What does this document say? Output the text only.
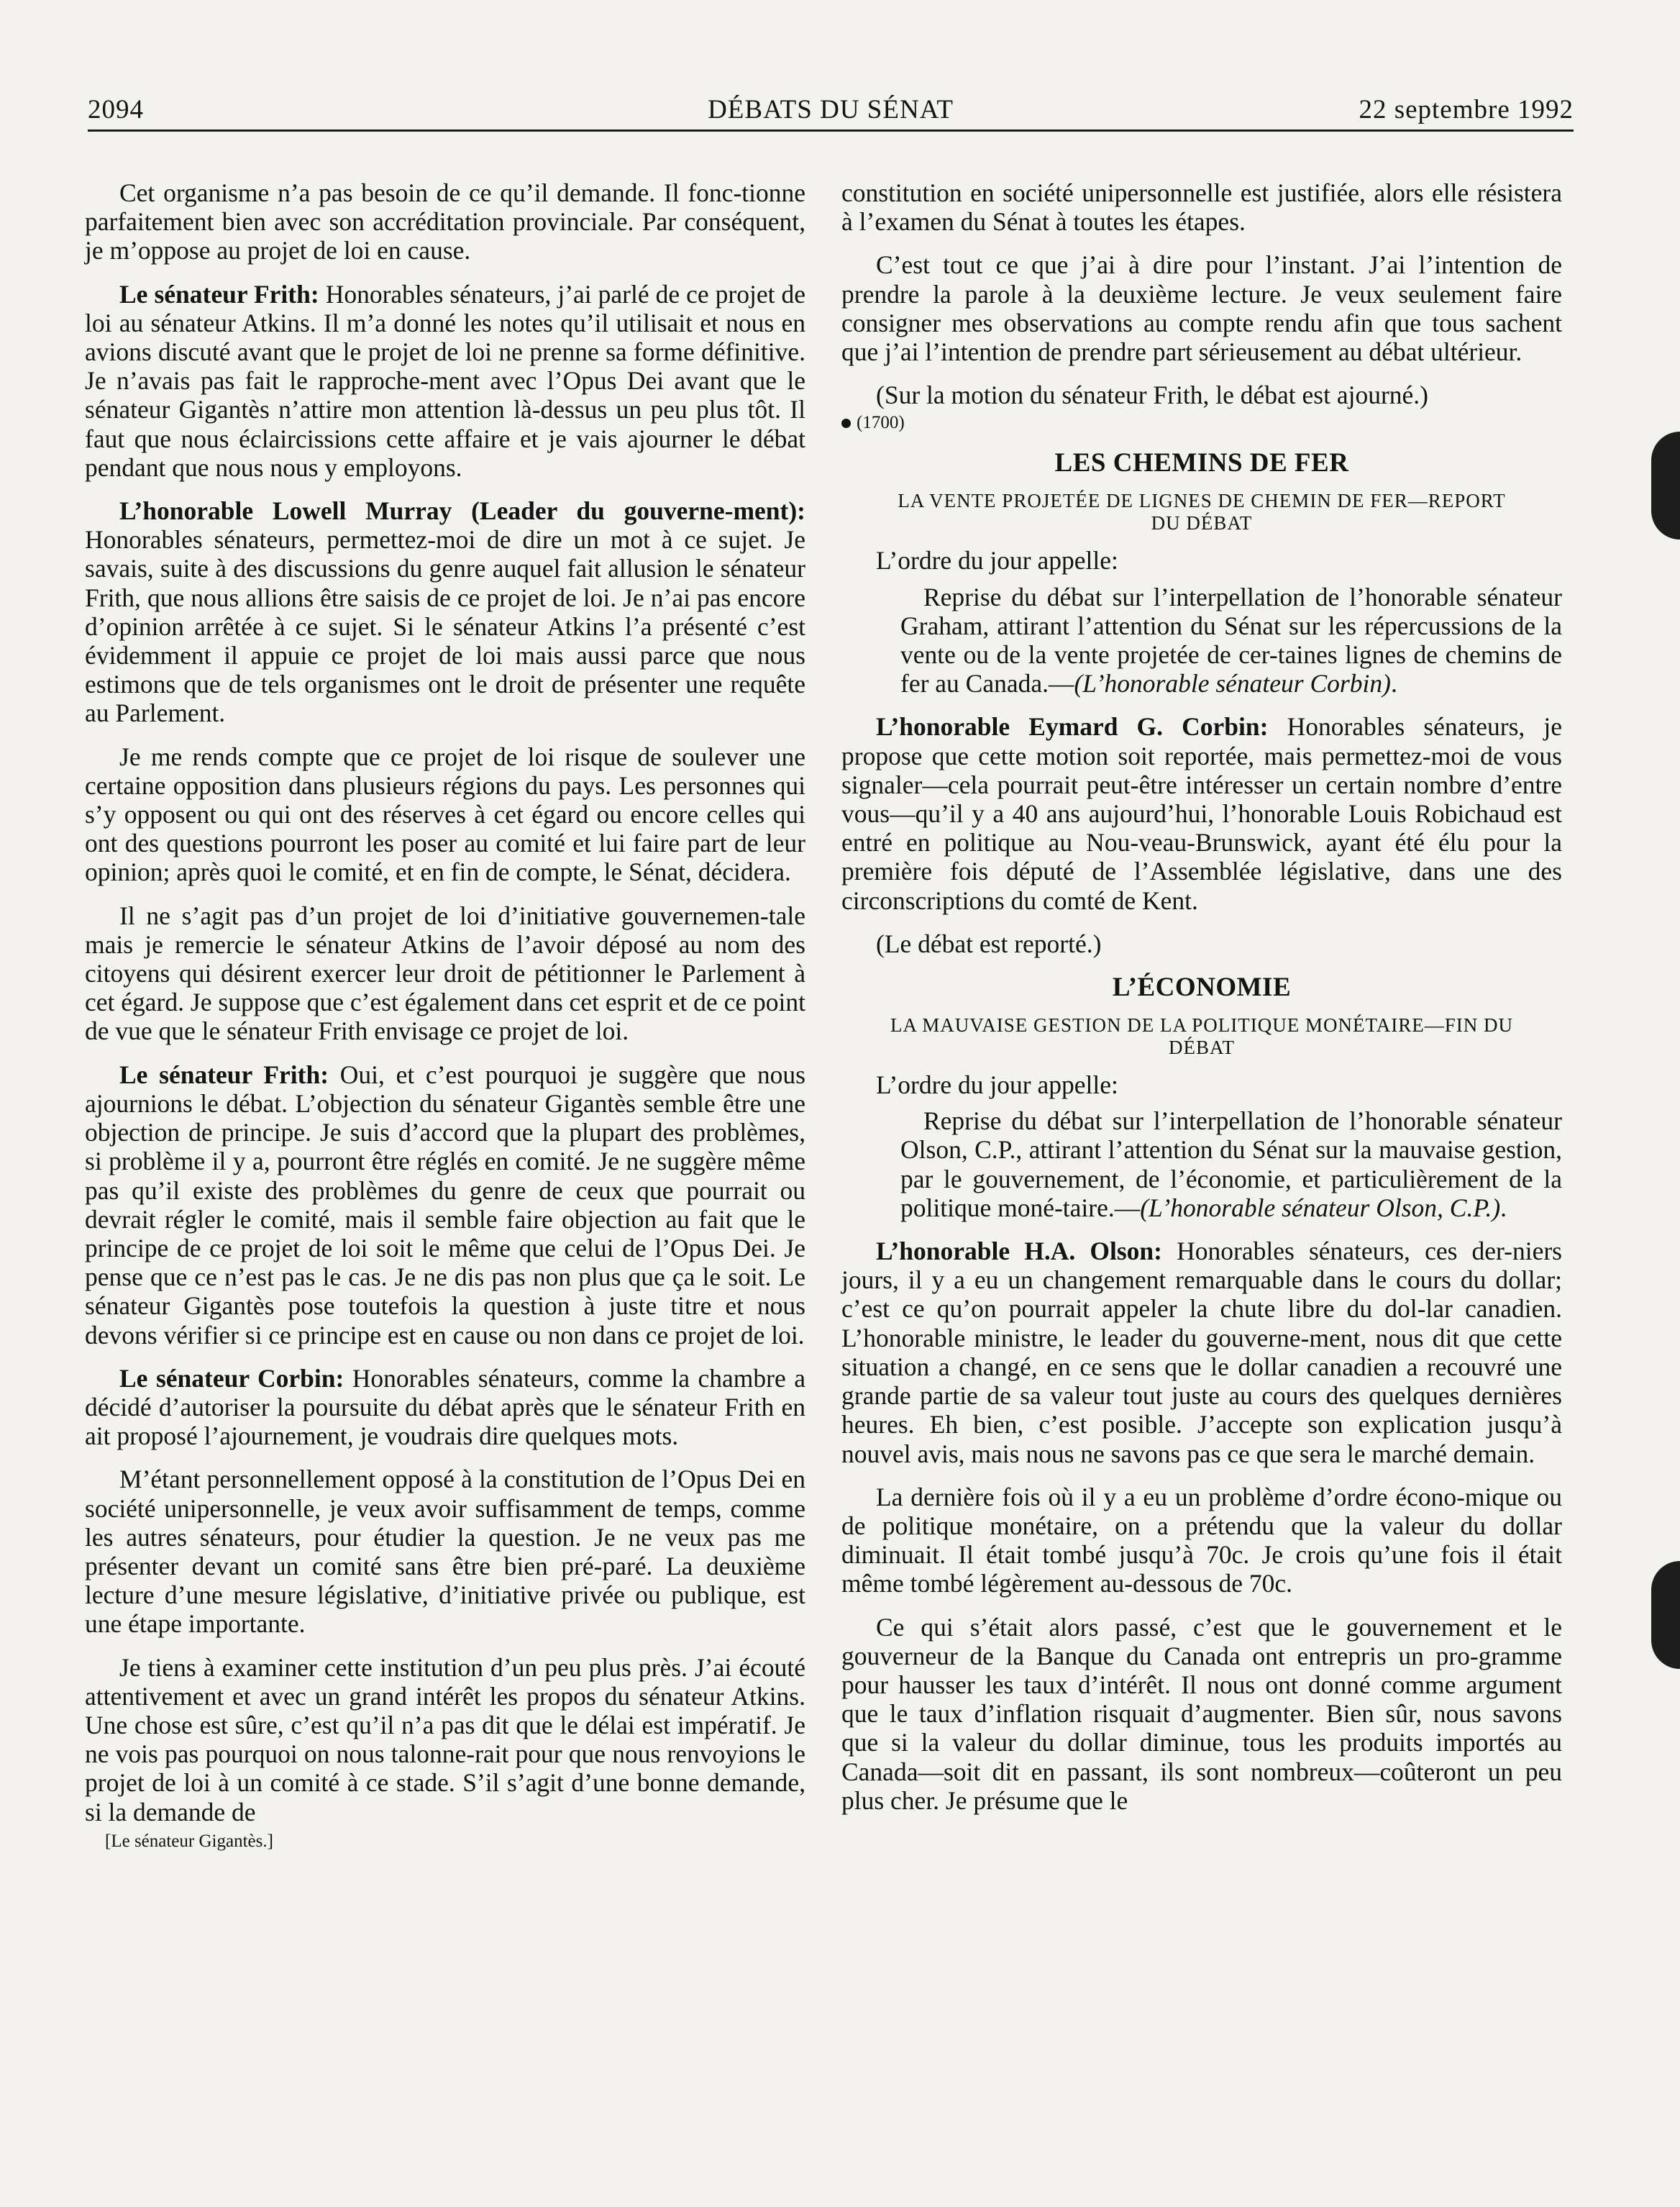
2094	DÉBATS DU SÉNAT	22 septembre 1992

Cet organisme n’a pas besoin de ce qu’il demande. Il fonc-tionne parfaitement bien avec son accréditation provinciale. Par conséquent, je m’oppose au projet de loi en cause.

Le sénateur Frith: Honorables sénateurs, j’ai parlé de ce projet de loi au sénateur Atkins. Il m’a donné les notes qu’il utilisait et nous en avions discuté avant que le projet de loi ne prenne sa forme définitive. Je n’avais pas fait le rapproche-ment avec l’Opus Dei avant que le sénateur Gigantès n’attire mon attention là-dessus un peu plus tôt. Il faut que nous éclaircissions cette affaire et je vais ajourner le débat pendant que nous nous y employons.

L’honorable Lowell Murray (Leader du gouverne-ment): Honorables sénateurs, permettez-moi de dire un mot à ce sujet. Je savais, suite à des discussions du genre auquel fait allusion le sénateur Frith, que nous allions être saisis de ce projet de loi. Je n’ai pas encore d’opinion arrêtée à ce sujet. Si le sénateur Atkins l’a présenté c’est évidemment il appuie ce projet de loi mais aussi parce que nous estimons que de tels organismes ont le droit de présenter une requête au Parlement.

Je me rends compte que ce projet de loi risque de soulever une certaine opposition dans plusieurs régions du pays. Les personnes qui s’y opposent ou qui ont des réserves à cet égard ou encore celles qui ont des questions pourront les poser au comité et lui faire part de leur opinion; après quoi le comité, et en fin de compte, le Sénat, décidera.

Il ne s’agit pas d’un projet de loi d’initiative gouvernemen-tale mais je remercie le sénateur Atkins de l’avoir déposé au nom des citoyens qui désirent exercer leur droit de pétitionner le Parlement à cet égard. Je suppose que c’est également dans cet esprit et de ce point de vue que le sénateur Frith envisage ce projet de loi.

Le sénateur Frith: Oui, et c’est pourquoi je suggère que nous ajournions le débat. L’objection du sénateur Gigantès semble être une objection de principe. Je suis d’accord que la plupart des problèmes, si problème il y a, pourront être réglés en comité. Je ne suggère même pas qu’il existe des problèmes du genre de ceux que pourrait ou devrait régler le comité, mais il semble faire objection au fait que le principe de ce projet de loi soit le même que celui de l’Opus Dei. Je pense que ce n’est pas le cas. Je ne dis pas non plus que ça le soit. Le sénateur Gigantès pose toutefois la question à juste titre et nous devons vérifier si ce principe est en cause ou non dans ce projet de loi.

Le sénateur Corbin: Honorables sénateurs, comme la chambre a décidé d’autoriser la poursuite du débat après que le sénateur Frith en ait proposé l’ajournement, je voudrais dire quelques mots.

M’étant personnellement opposé à la constitution de l’Opus Dei en société unipersonnelle, je veux avoir suffisamment de temps, comme les autres sénateurs, pour étudier la question. Je ne veux pas me présenter devant un comité sans être bien pré-paré. La deuxième lecture d’une mesure législative, d’initiative privée ou publique, est une étape importante.

Je tiens à examiner cette institution d’un peu plus près. J’ai écouté attentivement et avec un grand intérêt les propos du sénateur Atkins. Une chose est sûre, c’est qu’il n’a pas dit que le délai est impératif. Je ne vois pas pourquoi on nous talonne-rait pour que nous renvoyions le projet de loi à un comité à ce stade. S’il s’agit d’une bonne demande, si la demande de

[Le sénateur Gigantès.]

constitution en société unipersonnelle est justifiée, alors elle résistera à l’examen du Sénat à toutes les étapes.

C’est tout ce que j’ai à dire pour l’instant. J’ai l’intention de prendre la parole à la deuxième lecture. Je veux seulement faire consigner mes observations au compte rendu afin que tous sachent que j’ai l’intention de prendre part sérieusement au débat ultérieur.

(Sur la motion du sénateur Frith, le débat est ajourné.)

(1700)
LES CHEMINS DE FER
LA VENTE PROJETÉE DE LIGNES DE CHEMIN DE FER—REPORT DU DÉBAT

L’ordre du jour appelle:

Reprise du débat sur l’interpellation de l’honorable sénateur Graham, attirant l’attention du Sénat sur les répercussions de la vente ou de la vente projetée de cer-taines lignes de chemins de fer au Canada.—(L’honorable sénateur Corbin).

L’honorable Eymard G. Corbin: Honorables sénateurs, je propose que cette motion soit reportée, mais permettez-moi de vous signaler—cela pourrait peut-être intéresser un certain nombre d’entre vous—qu’il y a 40 ans aujourd’hui, l’honorable Louis Robichaud est entré en politique au Nou-veau-Brunswick, ayant été élu pour la première fois député de l’Assemblée législative, dans une des circonscriptions du comté de Kent.

(Le débat est reporté.)

L’ÉCONOMIE
LA MAUVAISE GESTION DE LA POLITIQUE MONÉTAIRE—FIN DU DÉBAT

L’ordre du jour appelle:

Reprise du débat sur l’interpellation de l’honorable sénateur Olson, C.P., attirant l’attention du Sénat sur la mauvaise gestion, par le gouvernement, de l’économie, et particulièrement de la politique moné-taire.—(L’honorable sénateur Olson, C.P.).

L’honorable H.A. Olson: Honorables sénateurs, ces der-niers jours, il y a eu un changement remarquable dans le cours du dollar; c’est ce qu’on pourrait appeler la chute libre du dol-lar canadien. L’honorable ministre, le leader du gouverne-ment, nous dit que cette situation a changé, en ce sens que le dollar canadien a recouvré une grande partie de sa valeur tout juste au cours des quelques dernières heures. Eh bien, c’est posible. J’accepte son explication jusqu’à nouvel avis, mais nous ne savons pas ce que sera le marché demain.

La dernière fois où il y a eu un problème d’ordre écono-mique ou de politique monétaire, on a prétendu que la valeur du dollar diminuait. Il était tombé jusqu’à 70c. Je crois qu’une fois il était même tombé légèrement au-dessous de 70c.

Ce qui s’était alors passé, c’est que le gouvernement et le gouverneur de la Banque du Canada ont entrepris un pro-gramme pour hausser les taux d’intérêt. Il nous ont donné comme argument que le taux d’inflation risquait d’augmenter. Bien sûr, nous savons que si la valeur du dollar diminue, tous les produits importés au Canada—soit dit en passant, ils sont nombreux—coûteront un peu plus cher. Je présume que le
